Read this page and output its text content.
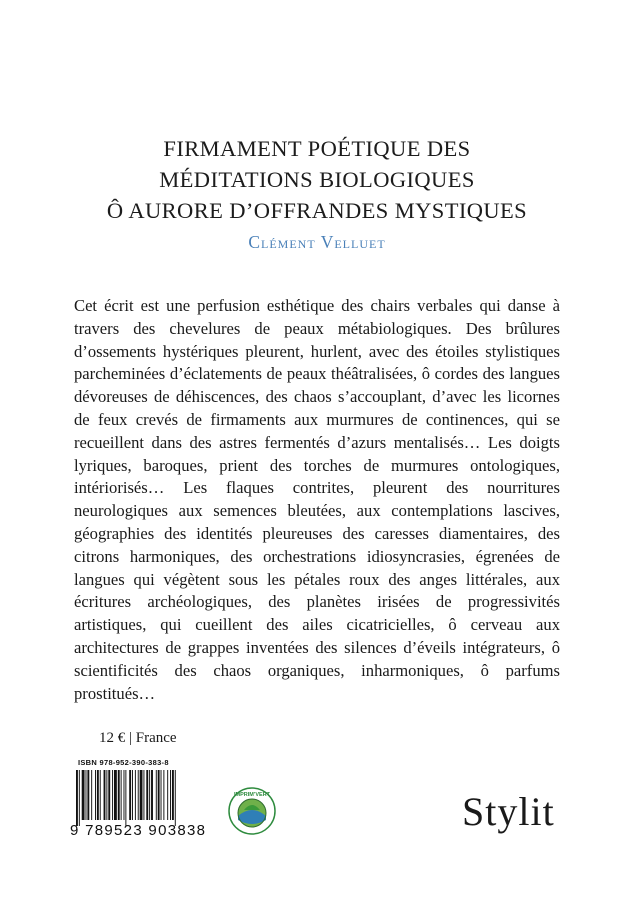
FIRMAMENT POÉTIQUE DES
MÉDITATIONS BIOLOGIQUES
Ô AURORE D’OFFRANDES MYSTIQUES
Clément Velluet
Cet écrit est une perfusion esthétique des chairs verbales qui danse à travers des chevelures de peaux métabiologiques. Des brûlures d’ossements hystériques pleurent, hurlent, avec des étoiles stylistiques parcheminées d’éclatements de peaux théâtralisées, ô cordes des langues dévoreuses de déhiscences, des chaos s’accouplant, d’avec les licornes de feux crevés de firmaments aux murmures de continences, qui se recueillent dans des astres fermentés d’azurs mentalisés… Les doigts lyriques, baroques, prient des torches de murmures ontologiques, intériorisés… Les flaques contrites, pleurent des nourritures neurologiques aux semences bleutées, aux contemplations lascives, géographies des identités pleureuses des caresses diamentaires, des citrons harmoniques, des orchestrations idiosyncrasies, égrenées de langues qui végètent sous les pétales roux des anges littérales, aux écritures archéologiques, des planètes irisées de progressivités artistiques, qui cueillent des ailes cicatricielles, ô cerveau aux architectures de grappes inventées des silences d’éveils intégrateurs, ô scientificités des chaos organiques, inharmoniques, ô parfums prostitués…
12 € | France
ISBN 978-952-390-383-8
9 789523 903838
IMPRIM’VERT	Stylit
